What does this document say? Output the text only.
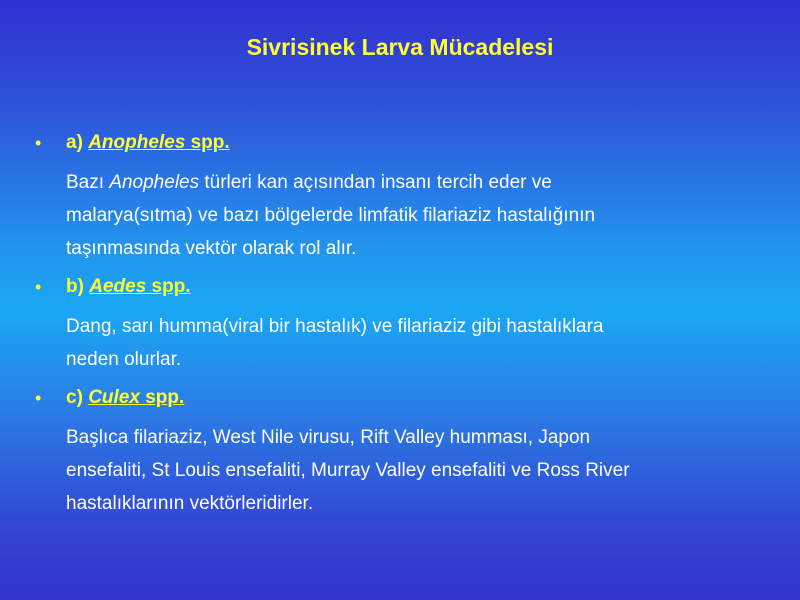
Sivrisinek Larva Mücadelesi
• a) Anopheles spp.
Bazı Anopheles türleri kan açısından insanı tercih eder ve
malarya(sıtma) ve bazı bölgelerde limfatik filariaziz hastalığının
taşınmasında vektör olarak rol alır.
• b) Aedes spp.
Dang, sarı humma(viral bir hastalık) ve filariaziz gibi hastalıklara
neden olurlar.
• c) Culex spp.
Başlıca filariaziz, West Nile virusu, Rift Valley humması, Japon
ensefaliti, St Louis ensefaliti, Murray Valley ensefaliti ve Ross River
hastalıklarının vektörleridirler.
